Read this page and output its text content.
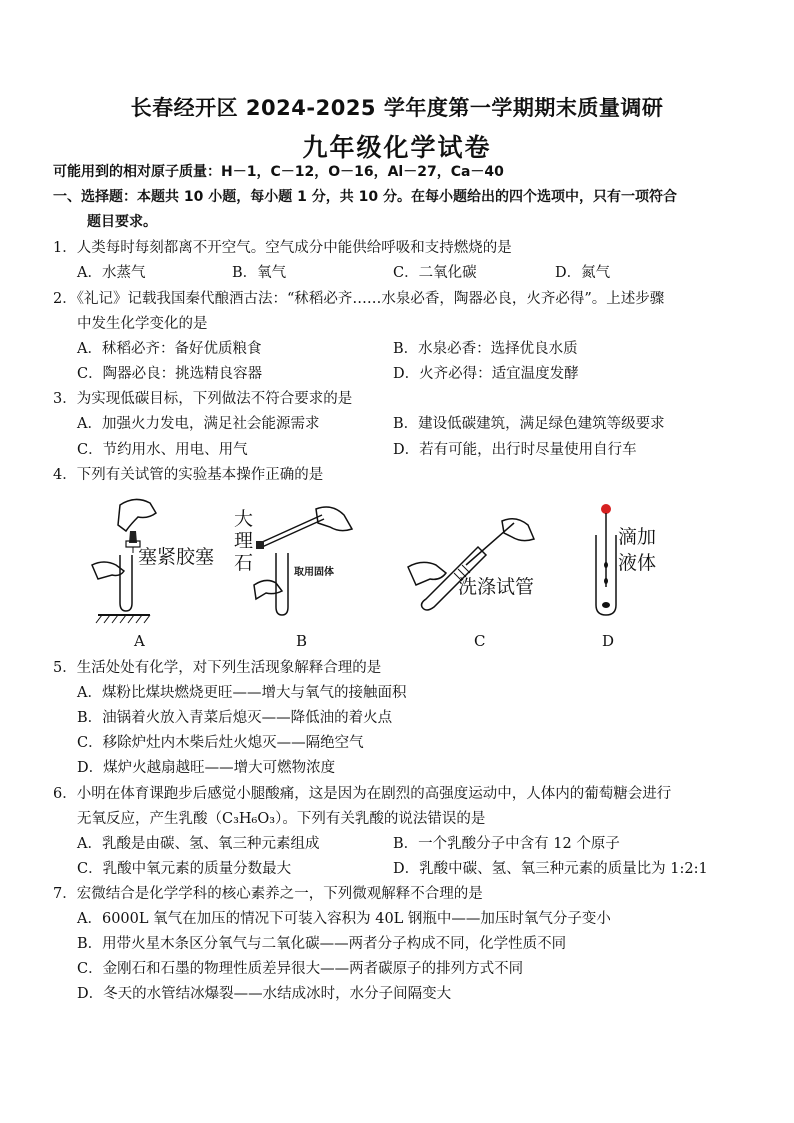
长春经开区 2024-2025 学年度第一学期期末质量调研
九年级化学试卷
可能用到的相对原子质量：H－1，C－12，O－16，Al－27，Ca－40
一、选择题：本题共 10 小题，每小题 1 分，共 10 分。在每小题给出的四个选项中，只有一项符合
题目要求。
1．人类每时每刻都离不开空气。空气成分中能供给呼吸和支持燃烧的是
A．水蒸气	B．氧气	C．二氧化碳	D．氮气
2．《礼记》记载我国秦代酿酒古法：“秫稻必齐……水泉必香，陶器必良，火齐必得”。上述步骤
中发生化学变化的是
A．秫稻必齐：备好优质粮食	B．水泉必香：选择优良水质
C．陶器必良：挑选精良容器	D．火齐必得：适宜温度发酵
3．为实现低碳目标，下列做法不符合要求的是
A．加强火力发电，满足社会能源需求	B．建设低碳建筑，满足绿色建筑等级要求
C．节约用水、用电、用气	D．若有可能，出行时尽量使用自行车
4．下列有关试管的实验基本操作正确的是
塞紧胶塞
A
大
理
石	取用固体
B
洗涤试管
C
滴加
液体
D
5．生活处处有化学，对下列生活现象解释合理的是
A．煤粉比煤块燃烧更旺——增大与氧气的接触面积
B．油锅着火放入青菜后熄灭——降低油的着火点
C．移除炉灶内木柴后灶火熄灭——隔绝空气
D．煤炉火越扇越旺——增大可燃物浓度
6．小明在体育课跑步后感觉小腿酸痛，这是因为在剧烈的高强度运动中，人体内的葡萄糖会进行
无氧反应，产生乳酸（C₃H₆O₃）。下列有关乳酸的说法错误的是
A．乳酸是由碳、氢、氧三种元素组成	B．一个乳酸分子中含有 12 个原子
C．乳酸中氧元素的质量分数最大	D．乳酸中碳、氢、氧三种元素的质量比为 1:2:1
7．宏微结合是化学学科的核心素养之一，下列微观解释不合理的是
A．6000L 氧气在加压的情况下可装入容积为 40L 钢瓶中——加压时氧气分子变小
B．用带火星木条区分氧气与二氧化碳——两者分子构成不同，化学性质不同
C．金刚石和石墨的物理性质差异很大——两者碳原子的排列方式不同
D．冬天的水管结冰爆裂——水结成冰时，水分子间隔变大
